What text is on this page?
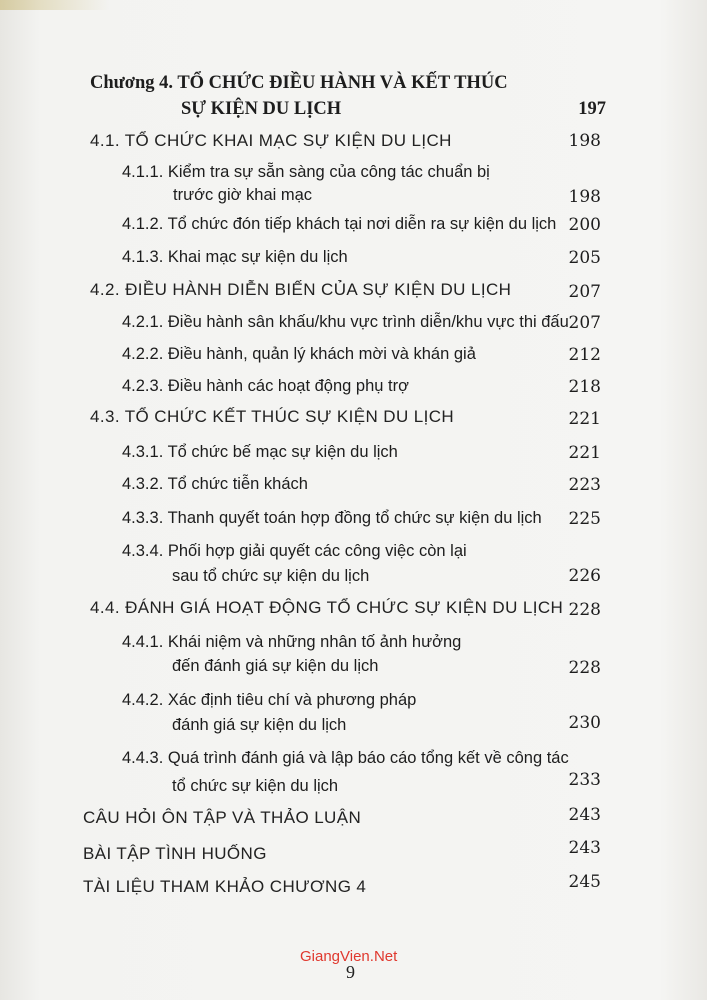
Chương 4. TỔ CHỨC ĐIỀU HÀNH VÀ KẾT THÚC
SỰ KIỆN DU LỊCH	197
4.1. TỔ CHỨC KHAI MẠC SỰ KIỆN DU LỊCH	198
4.1.1. Kiểm tra sự sẵn sàng của công tác chuẩn bị
trước giờ khai mạc	198
4.1.2. Tổ chức đón tiếp khách tại nơi diễn ra sự kiện du lịch 200
4.1.3. Khai mạc sự kiện du lịch	205
4.2. ĐIỀU HÀNH DIỄN BIẾN CỦA SỰ KIỆN DU LỊCH	207
4.2.1. Điều hành sân khấu/khu vực trình diễn/khu vực thi đấu 207
4.2.2. Điều hành, quản lý khách mời và khán giả	212
4.2.3. Điều hành các hoạt động phụ trợ	218
4.3. TỔ CHỨC KẾT THÚC SỰ KIỆN DU LỊCH	221
4.3.1. Tổ chức bế mạc sự kiện du lịch	221
4.3.2. Tổ chức tiễn khách	223
4.3.3. Thanh quyết toán hợp đồng tổ chức sự kiện du lịch	225
4.3.4. Phối hợp giải quyết các công việc còn lại
sau tổ chức sự kiện du lịch	226
4.4. ĐÁNH GIÁ HOẠT ĐỘNG TỔ CHỨC SỰ KIỆN DU LỊCH 228
4.4.1. Khái niệm và những nhân tố ảnh hưởng
đến đánh giá sự kiện du lịch	228
4.4.2. Xác định tiêu chí và phương pháp
đánh giá sự kiện du lịch	230
4.4.3. Quá trình đánh giá và lập báo cáo tổng kết về công tác
tổ chức sự kiện du lịch	233
CÂU HỎI ÔN TẬP VÀ THẢO LUẬN	243
BÀI TẬP TÌNH HUỐNG	243
TÀI LIỆU THAM KHẢO CHƯƠNG 4	245
GiangVien.Net
9
